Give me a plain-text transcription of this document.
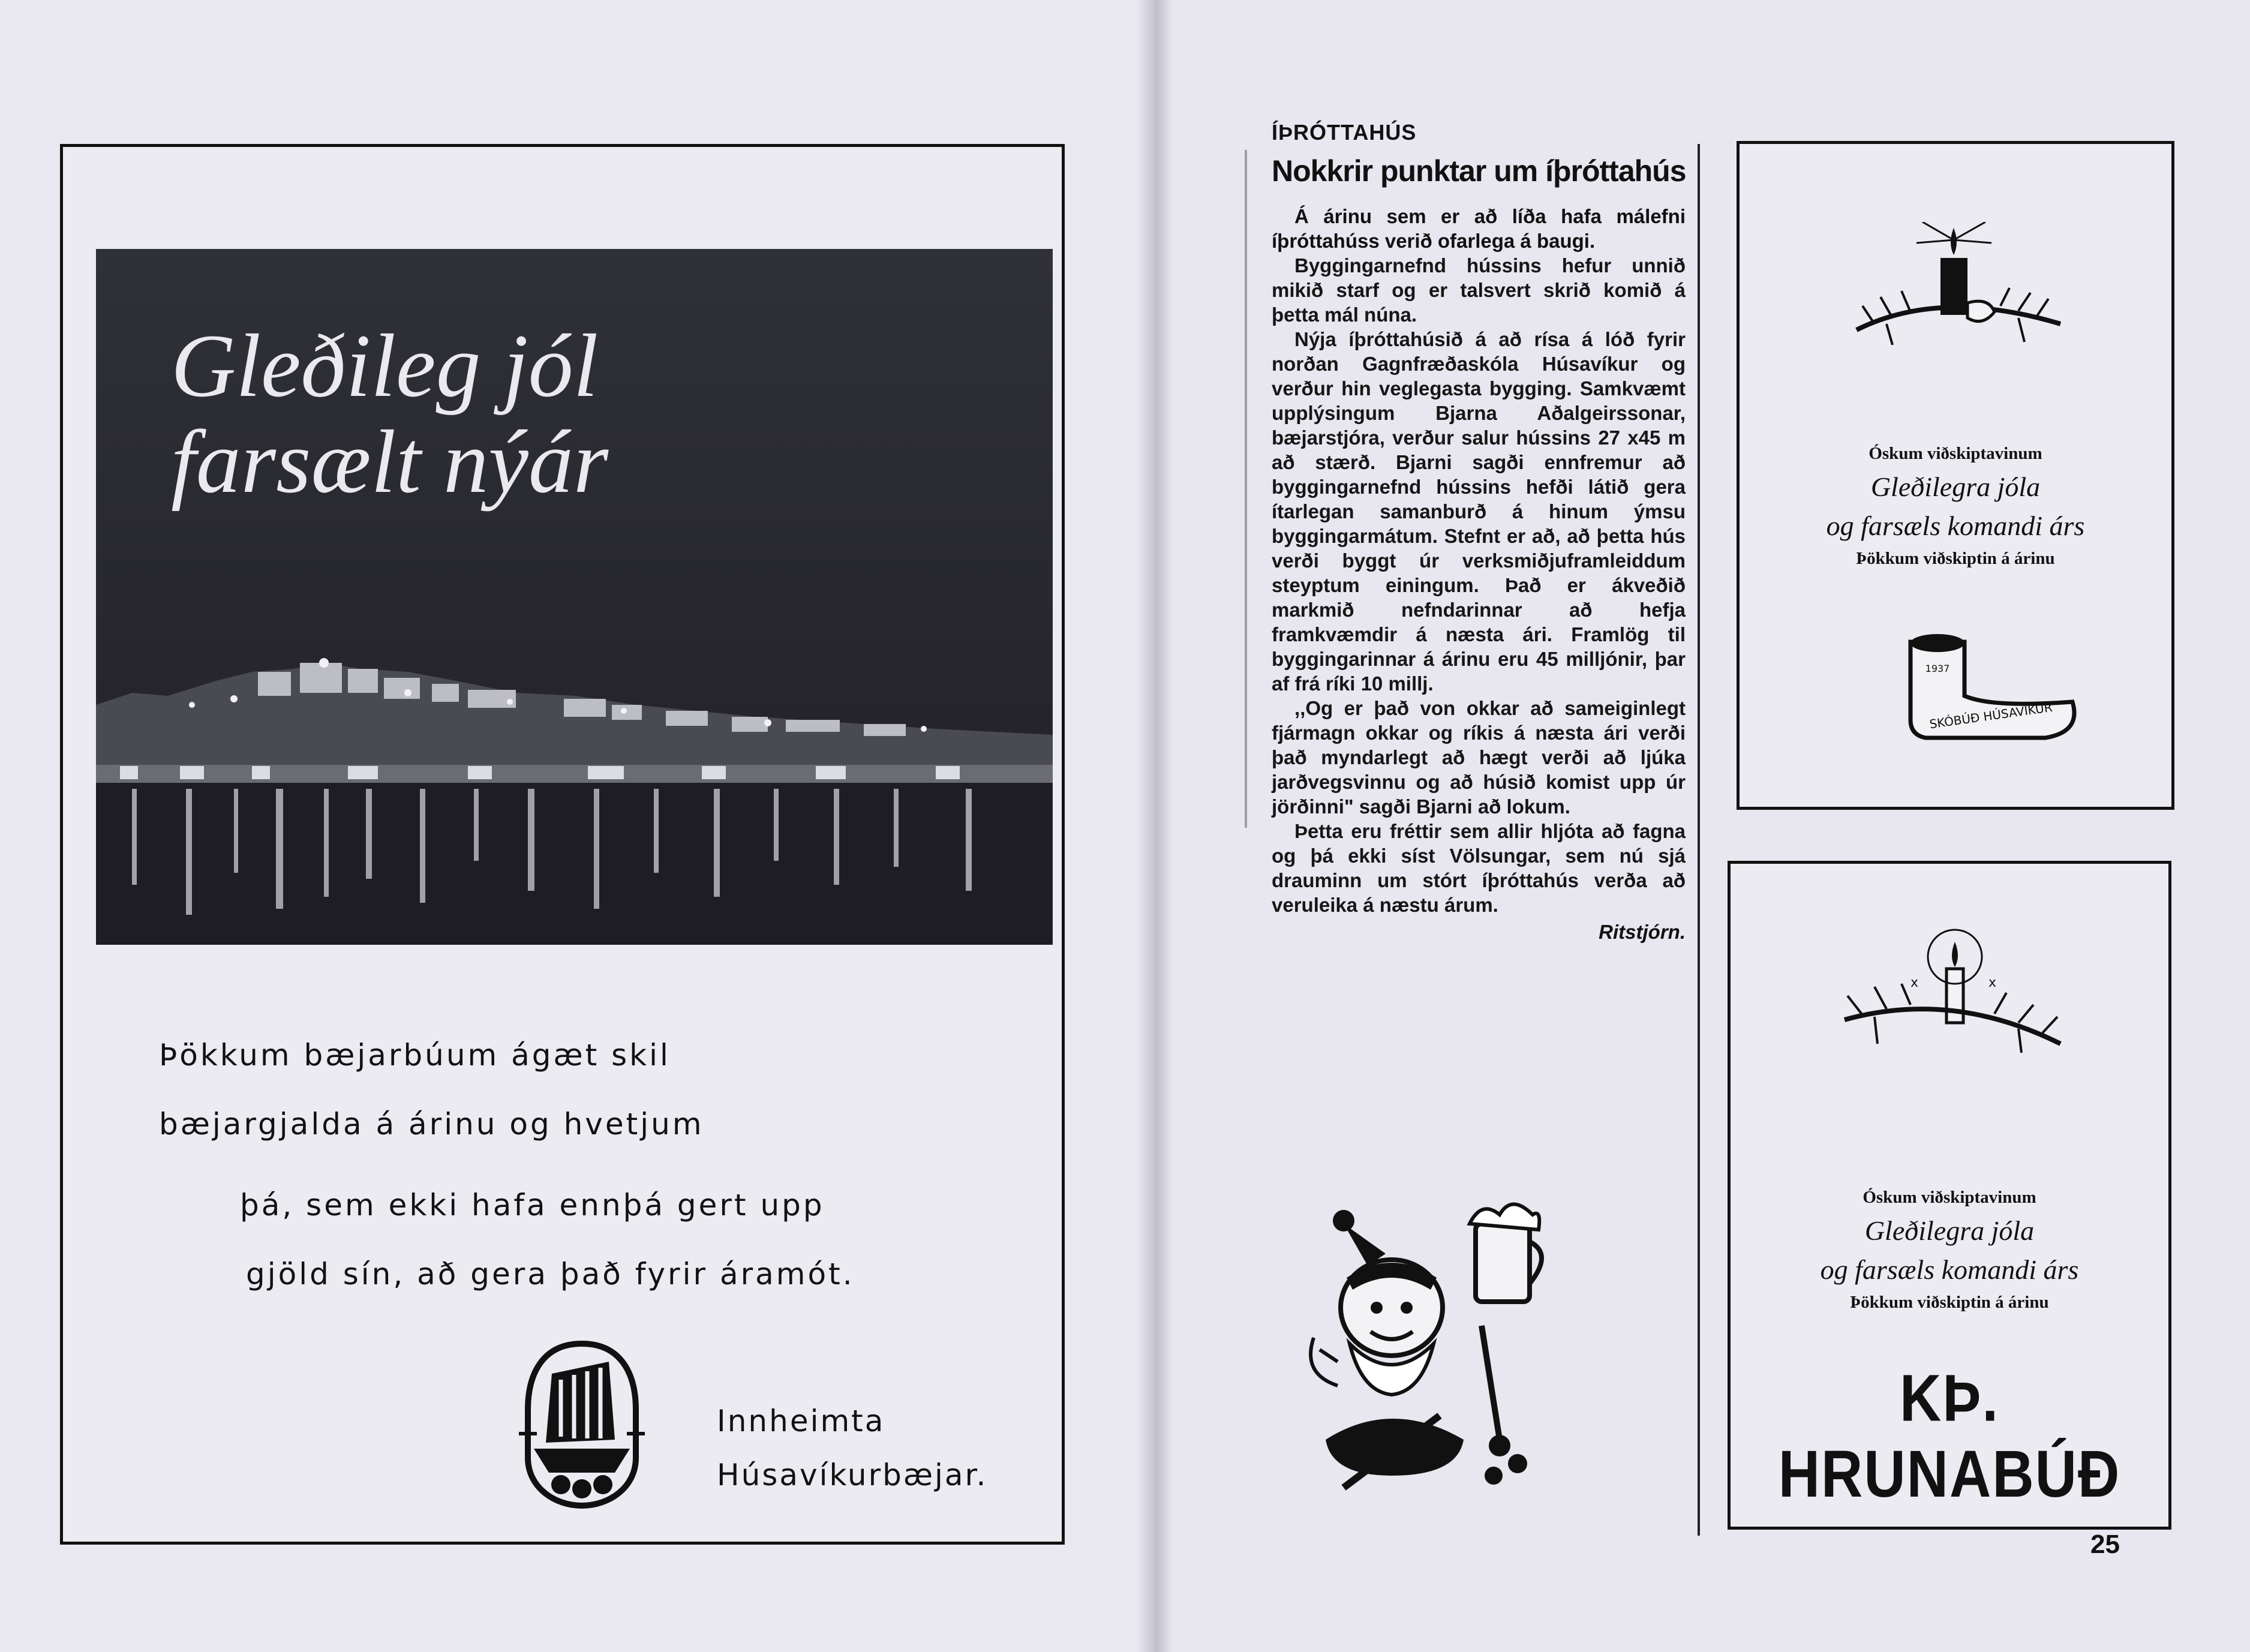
Gleðileg jól
farsælt nýár
Þökkum bæjarbúum ágæt skil
bæjargjalda á árinu og hvetjum
þá, sem ekki hafa ennþá gert upp
gjöld sín, að gera það fyrir áramót.
Innheimta
Húsavíkurbæjar.
ÍÞRÓTTAHÚS
Nokkrir punktar um íþróttahús

Á árinu sem er að líða hafa málefni íþróttahúss verið ofarlega á baugi.

Byggingarnefnd hússins hefur unnið mikið starf og er talsvert skrið komið á þetta mál núna.

Nýja íþróttahúsið á að rísa á lóð fyrir norðan Gagnfræðaskóla Húsavíkur og verður hin veglegasta bygging. Samkvæmt upplýsingum Bjarna Aðalgeirssonar, bæjarstjóra, verður salur hússins 27 x45 m að stærð. Bjarni sagði ennfremur að byggingarnefnd hússins hefði látið gera ítarlegan samanburð á hinum ýmsu byggingarmátum. Stefnt er að, að þetta hús verði byggt úr verksmiðjuframleiddum steyptum einingum. Það er ákveðið markmið nefndarinnar að hefja framkvæmdir á næsta ári. Framlög til byggingarinnar á árinu eru 45 milljónir, þar af frá ríki 10 millj.

,,Og er það von okkar að sameiginlegt fjármagn okkar og ríkis á næsta ári verði það myndarlegt að hægt verði að ljúka jarðvegsvinnu og að húsið komist upp úr jörðinni" sagði Bjarni að lokum.

Þetta eru fréttir sem allir hljóta að fagna og þá ekki síst Völsungar, sem nú sjá drauminn um stórt íþróttahús verða að veruleika á næstu árum.

Ritstjórn.
Óskum viðskiptavinum
Gleðilegra jóla
og farsæls komandi árs
Þökkum viðskiptin á árinu
1937
SKÓBÚÐ HÚSAVÍKUR
x	x
Óskum viðskiptavinum
Gleðilegra jóla
og farsæls komandi árs
Þökkum viðskiptin á árinu
KÞ. HRUNABÚÐ
25
